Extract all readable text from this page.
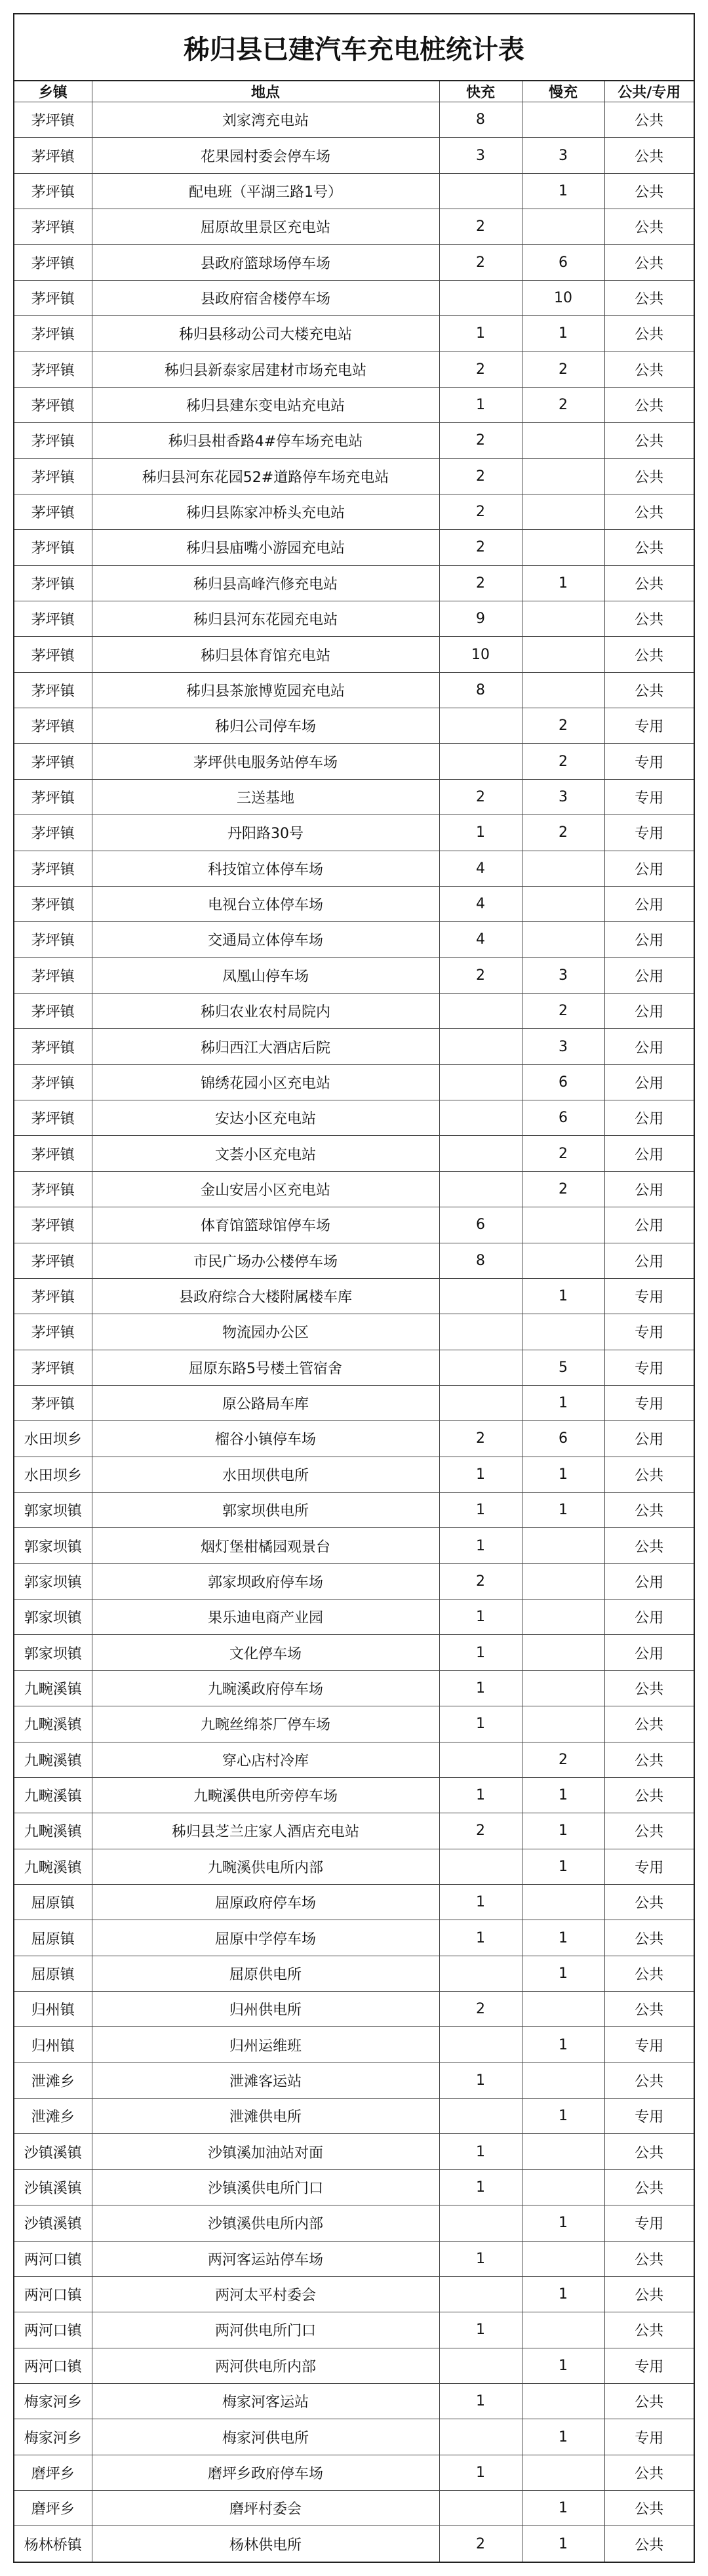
秭归县已建汽车充电桩统计表
乡镇	地点	快充	慢充	公共/专用
茅坪镇	刘家湾充电站	8		公共
茅坪镇	花果园村委会停车场	3	3	公共
茅坪镇	配电班（平湖三路1号）		1	公共
茅坪镇	屈原故里景区充电站	2		公共
茅坪镇	县政府篮球场停车场	2	6	公共
茅坪镇	县政府宿舍楼停车场		10	公共
茅坪镇	秭归县移动公司大楼充电站	1	1	公共
茅坪镇	秭归县新泰家居建材市场充电站	2	2	公共
茅坪镇	秭归县建东变电站充电站	1	2	公共
茅坪镇	秭归县柑香路4#停车场充电站	2		公共
茅坪镇	秭归县河东花园52#道路停车场充电站	2		公共
茅坪镇	秭归县陈家冲桥头充电站	2		公共
茅坪镇	秭归县庙嘴小游园充电站	2		公共
茅坪镇	秭归县高峰汽修充电站	2	1	公共
茅坪镇	秭归县河东花园充电站	9		公共
茅坪镇	秭归县体育馆充电站	10		公共
茅坪镇	秭归县茶旅博览园充电站	8		公共
茅坪镇	秭归公司停车场		2	专用
茅坪镇	茅坪供电服务站停车场		2	专用
茅坪镇	三送基地	2	3	专用
茅坪镇	丹阳路30号	1	2	专用
茅坪镇	科技馆立体停车场	4		公用
茅坪镇	电视台立体停车场	4		公用
茅坪镇	交通局立体停车场	4		公用
茅坪镇	凤凰山停车场	2	3	公用
茅坪镇	秭归农业农村局院内		2	公用
茅坪镇	秭归西江大酒店后院		3	公用
茅坪镇	锦绣花园小区充电站		6	公用
茅坪镇	安达小区充电站		6	公用
茅坪镇	文荟小区充电站		2	公用
茅坪镇	金山安居小区充电站		2	公用
茅坪镇	体育馆篮球馆停车场	6		公用
茅坪镇	市民广场办公楼停车场	8		公用
茅坪镇	县政府综合大楼附属楼车库		1	专用
茅坪镇	物流园办公区			专用
茅坪镇	屈原东路5号楼土管宿舍		5	专用
茅坪镇	原公路局车库		1	专用
水田坝乡	榴谷小镇停车场	2	6	公用
水田坝乡	水田坝供电所	1	1	公共
郭家坝镇	郭家坝供电所	1	1	公共
郭家坝镇	烟灯堡柑橘园观景台	1		公共
郭家坝镇	郭家坝政府停车场	2		公用
郭家坝镇	果乐迪电商产业园	1		公用
郭家坝镇	文化停车场	1		公用
九畹溪镇	九畹溪政府停车场	1		公共
九畹溪镇	九畹丝绵茶厂停车场	1		公共
九畹溪镇	穿心店村冷库		2	公共
九畹溪镇	九畹溪供电所旁停车场	1	1	公共
九畹溪镇	秭归县芝兰庄家人酒店充电站	2	1	公共
九畹溪镇	九畹溪供电所内部		1	专用
屈原镇	屈原政府停车场	1		公共
屈原镇	屈原中学停车场	1	1	公共
屈原镇	屈原供电所		1	公共
归州镇	归州供电所	2		公共
归州镇	归州运维班		1	专用
泄滩乡	泄滩客运站	1		公共
泄滩乡	泄滩供电所		1	专用
沙镇溪镇	沙镇溪加油站对面	1		公共
沙镇溪镇	沙镇溪供电所门口	1		公共
沙镇溪镇	沙镇溪供电所内部		1	专用
两河口镇	两河客运站停车场	1		公共
两河口镇	两河太平村委会		1	公共
两河口镇	两河供电所门口	1		公共
两河口镇	两河供电所内部		1	专用
梅家河乡	梅家河客运站	1		公共
梅家河乡	梅家河供电所		1	专用
磨坪乡	磨坪乡政府停车场	1		公共
磨坪乡	磨坪村委会		1	公共
杨林桥镇	杨林供电所	2	1	公共
